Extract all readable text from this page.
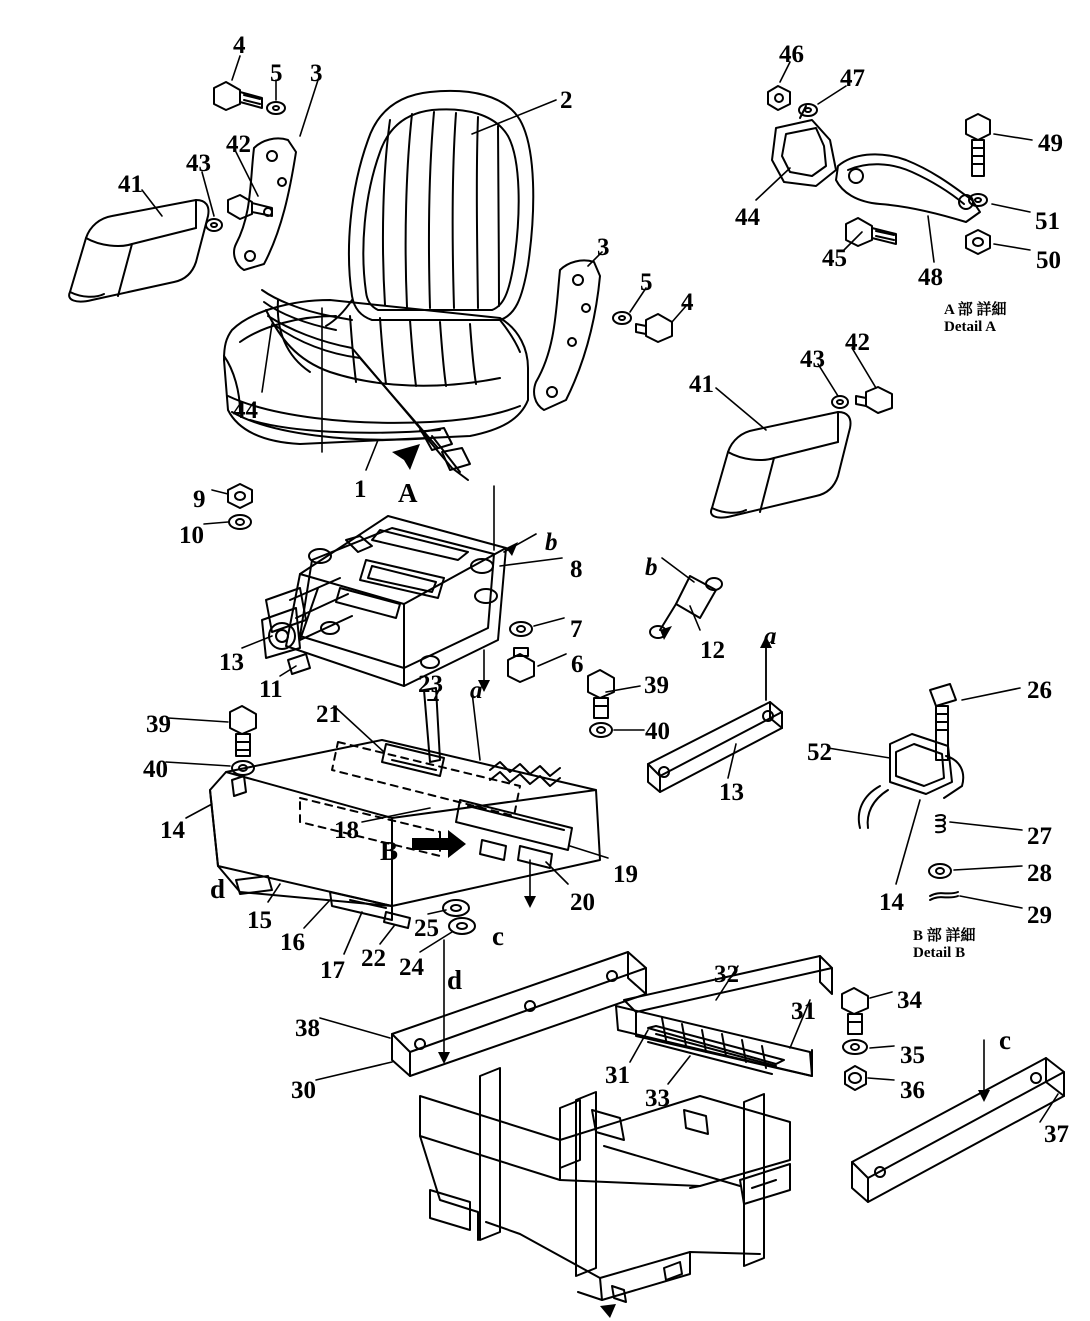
4
5 3
2
46
47
49
42
43
41
44	51
3	45
48
50
5
4
44
42
43
41
1 A
9
10	b
8	b
12
7
6
13
11
a
23 a	39	26
21
40
39
52
40
13
14	18
B	27
28
19
20	29
d
15
14
25 c
16
22 24
17	32
d
31	34
38	c
35
31
30	36
33
37
A 部 詳細
Detail A
B 部 詳細
Detail B
